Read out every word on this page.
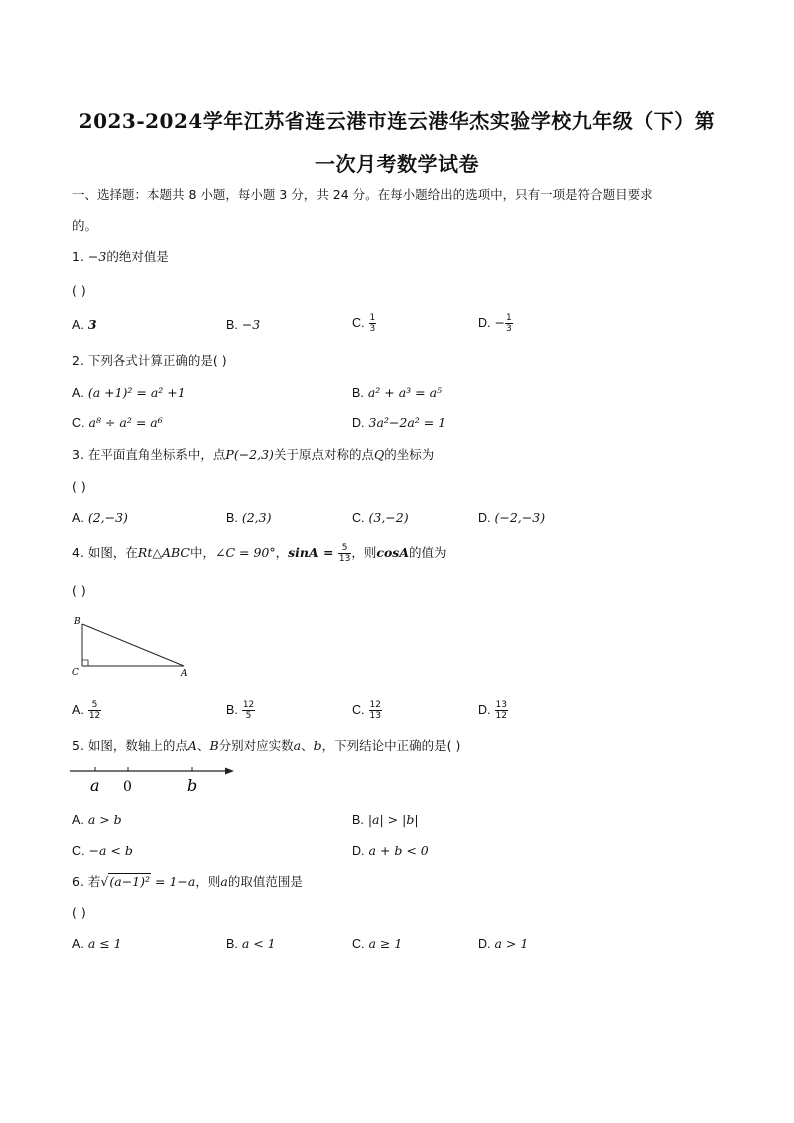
2023-2024学年江苏省连云港市连云港华杰实验学校九年级（下）第
一次月考数学试卷
一、选择题：本题共 8 小题，每小题 3 分，共 24 分。在每小题给出的选项中，只有一项是符合题目要求
的。
1. −3的绝对值是
( )
A. 3	B. −3	C. $\frac{1}{3}$	D. − $\frac{1}{3}$
2. 下列各式计算正确的是( )
A. (a +1)² = a² +1	B. a² + a³ = a⁵
C. a⁸ ÷ a² = a⁶	D. 3a²−2a² = 1
3. 在平面直角坐标系中，点P(−2,3)关于原点对称的点Q的坐标为
( )
A. (2,−3)	B. (2,3)	C. (3,−2)	D. (−2,−3)
4. 如图，在Rt△ABC中，∠C = 90°，$\sin A = \frac{5}{13}$ ，则cosA的值为
( )
B
C	A
A. $\frac{5}{12}$	B. $\frac{12}{5}$	C. $\frac{12}{13}$	D. $\frac{13}{12}$
5. 如图，数轴上的点A、B分别对应实数a、b，下列结论中正确的是( )
a 0	b
A. a > b	B. |a| > |b|
C. −a < b	D. a + b < 0
6. 若√(a−1)² = 1−a，则a的取值范围是
( )
A. a ≤ 1	B. a < 1	C. a ≥ 1	D. a > 1
